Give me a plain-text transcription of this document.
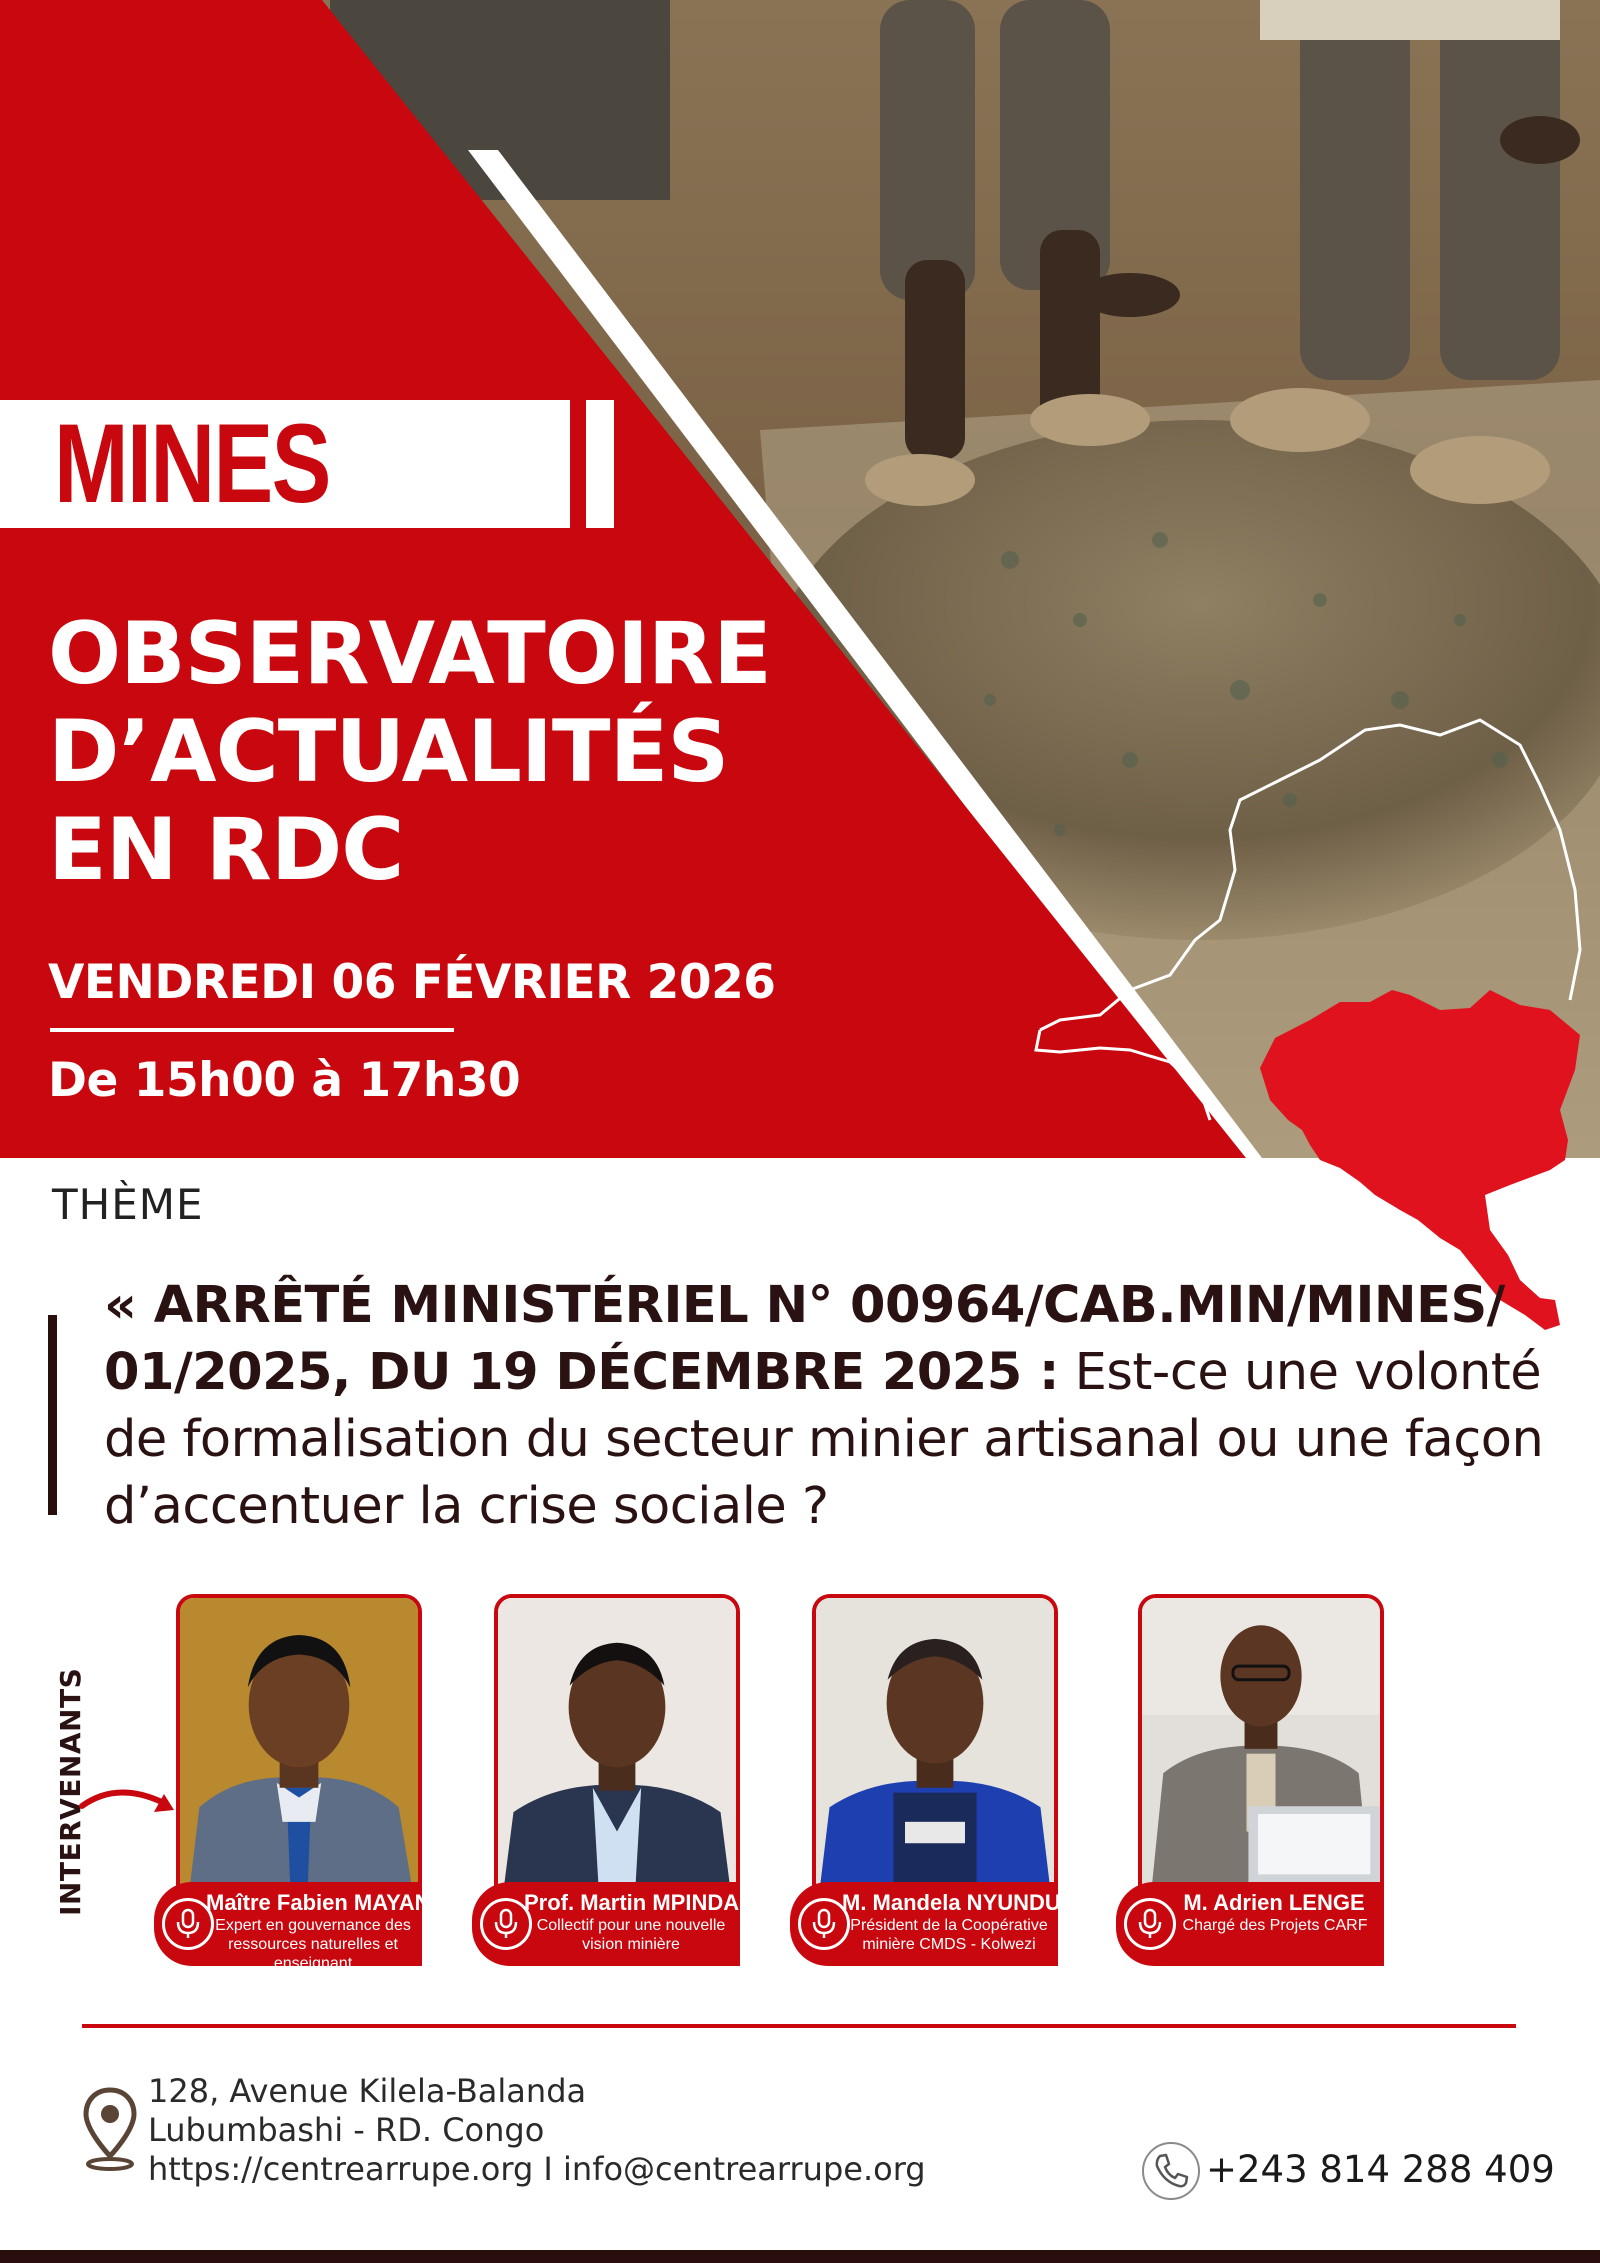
MINES
OBSERVATOIRE
D’ACTUALITÉS
EN RDC
VENDREDI 06 FÉVRIER 2026
De 15h00 à 17h30
THÈME
« ARRÊTÉ MINISTÉRIEL N° 00964/CAB.MIN/MINES/ 01/2025, DU 19 DÉCEMBRE 2025 : Est-ce une volonté de formalisation du secteur minier artisanal ou une façon d’accentuer la crise sociale ?
INTERVENANTS	Maître Fabien MAYANI
Expert en gouvernance des ressources naturelles et enseignant
Prof. Martin MPINDA
Collectif pour une nouvelle vision minière
M. Mandela NYUNDU
Président de la Coopérative minière CMDS - Kolwezi
M. Adrien LENGE
Chargé des Projets CARF
128, Avenue Kilela-Balanda
Lubumbashi - RD. Congo
https://centrearrupe.org I info@centrearrupe.org	+243 814 288 409
